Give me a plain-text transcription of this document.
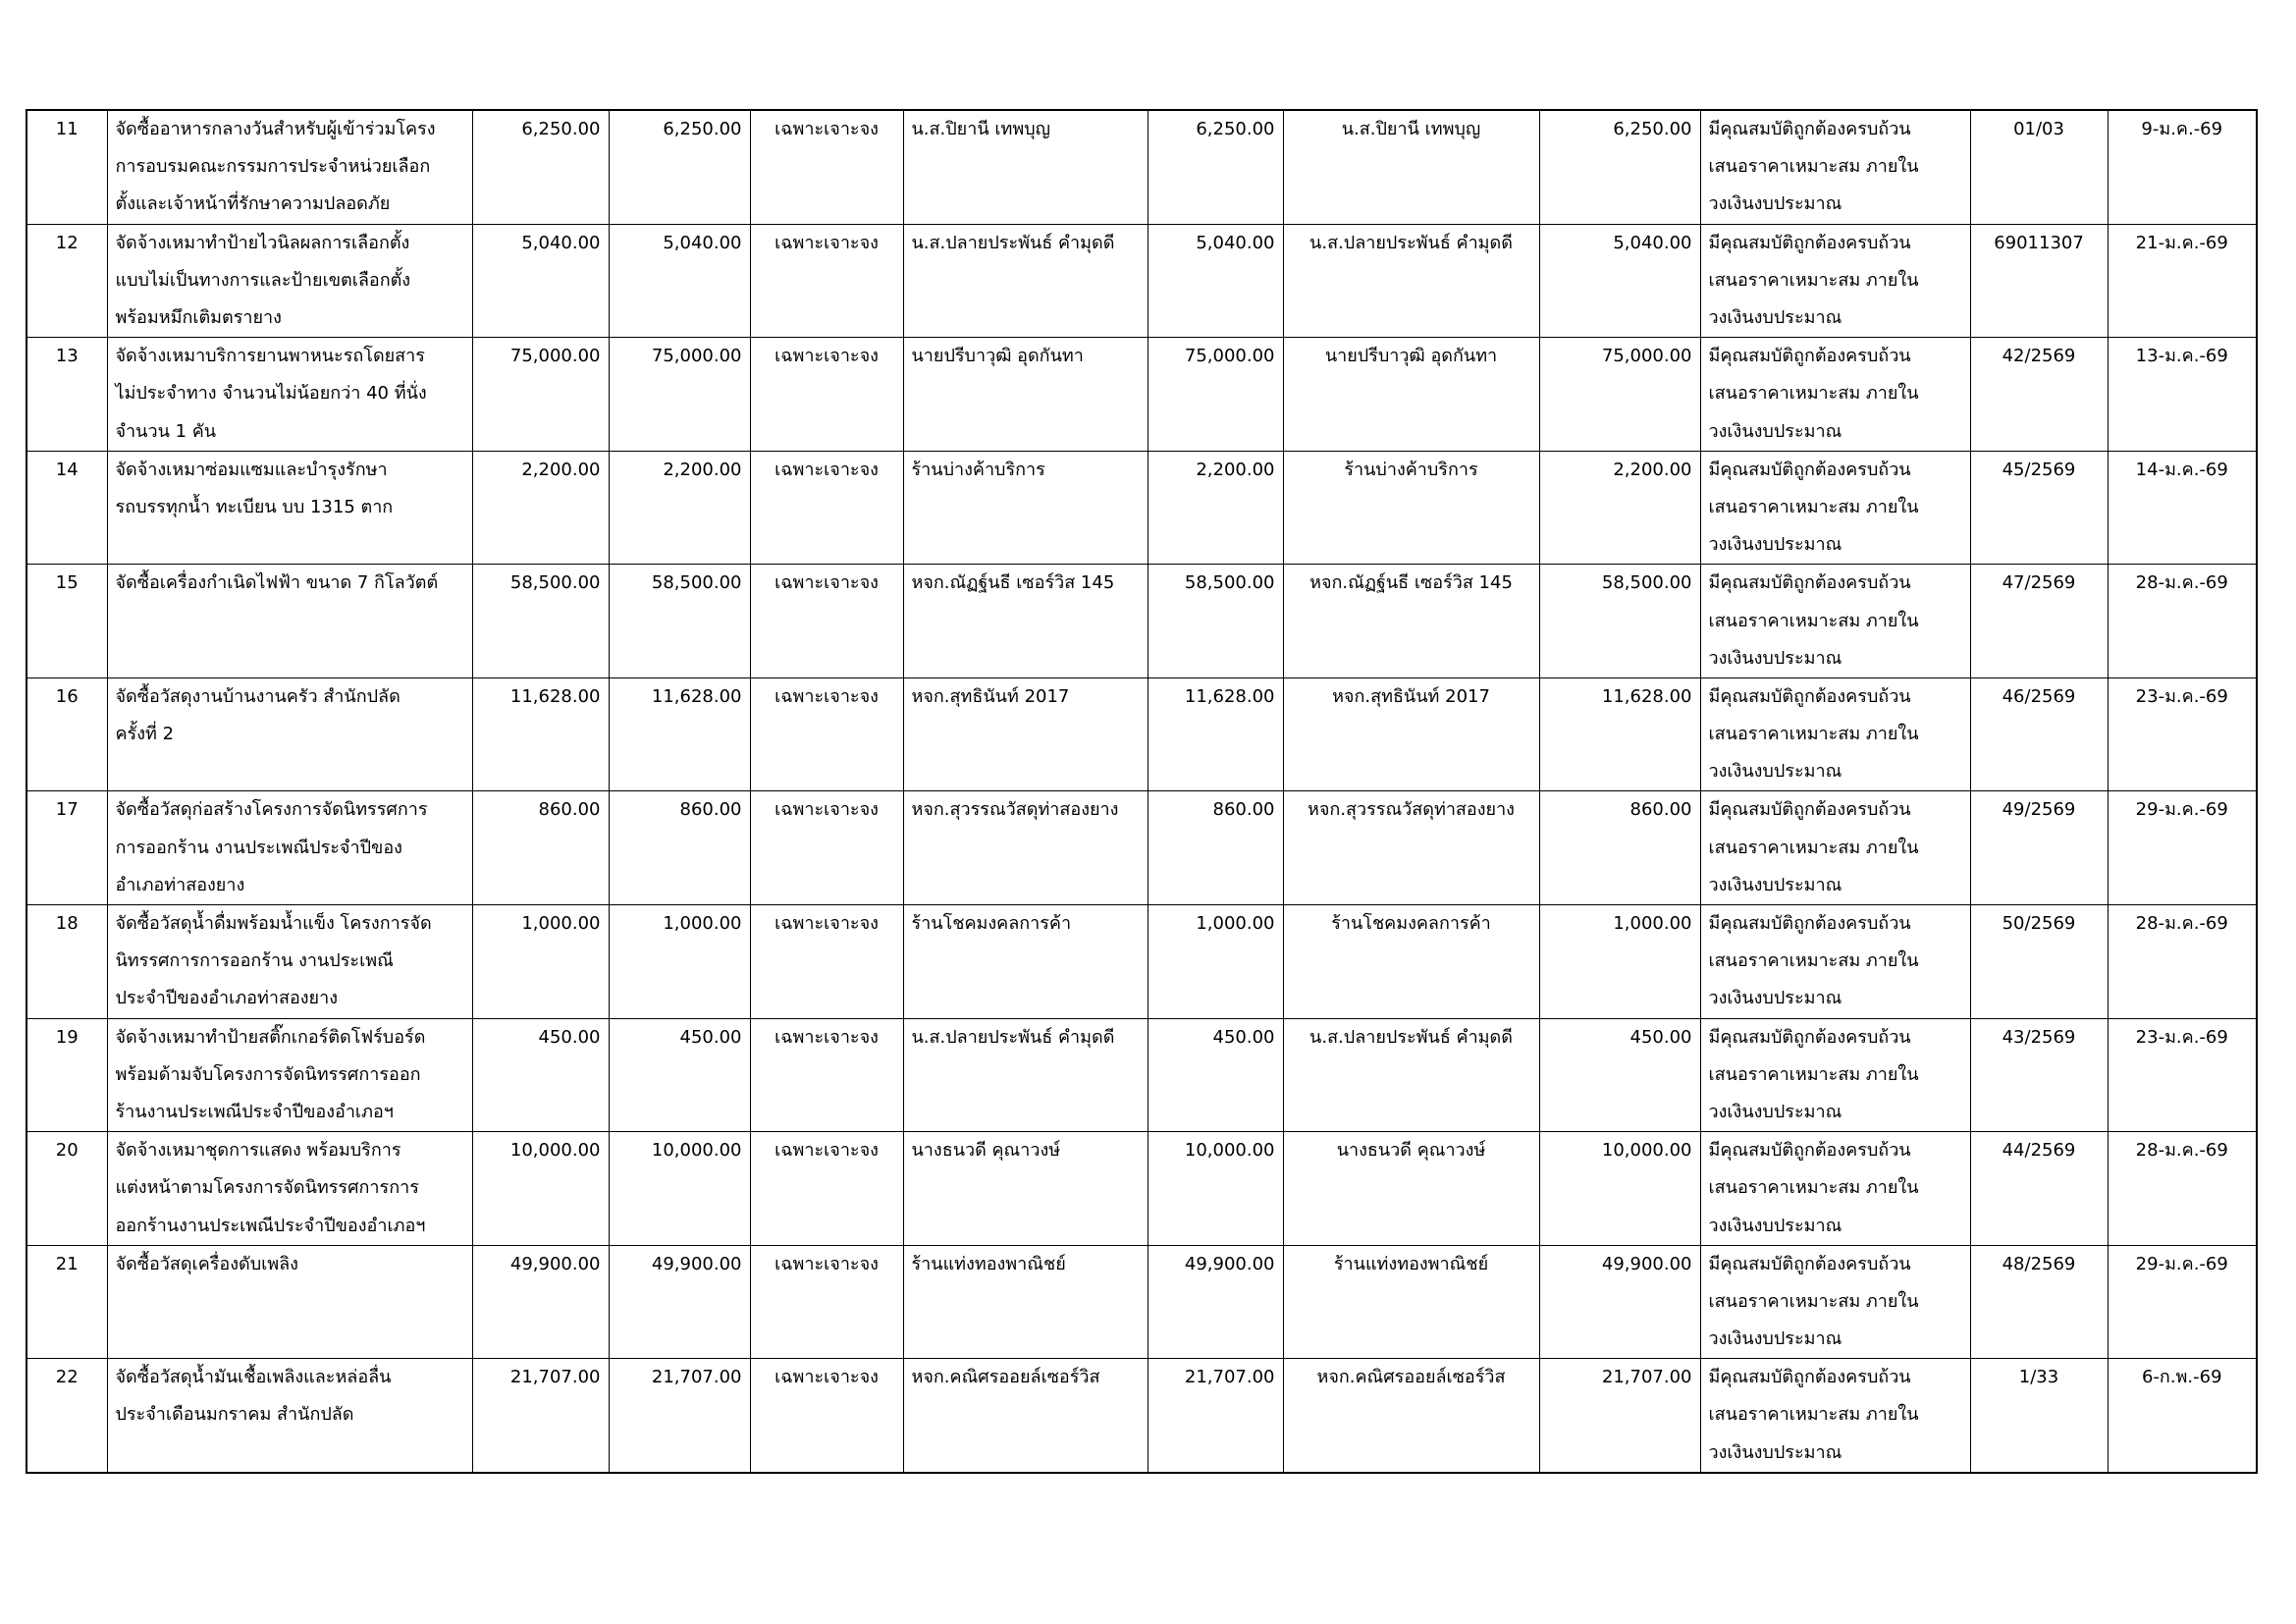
11	จัดซื้ออาหารกลางวันสำหรับผู้เข้าร่วมโครง	6,250.00	6,250.00	เฉพาะเจาะจง	น.ส.ปิยานี เทพบุญ	6,250.00	น.ส.ปิยานี เทพบุญ	6,250.00	มีคุณสมบัติถูกต้องครบถ้วน	01/03	9-ม.ค.-69
	การอบรมคณะกรรมการประจำหน่วยเลือก								เสนอราคาเหมาะสม ภายใน		
	ตั้งและเจ้าหน้าที่รักษาความปลอดภัย								วงเงินงบประมาณ		
12	จัดจ้างเหมาทำป้ายไวนิลผลการเลือกตั้ง	5,040.00	5,040.00	เฉพาะเจาะจง	น.ส.ปลายประพันธ์ คำมุดดี	5,040.00	น.ส.ปลายประพันธ์ คำมุดดี	5,040.00	มีคุณสมบัติถูกต้องครบถ้วน	69011307	21-ม.ค.-69
	แบบไม่เป็นทางการและป้ายเขตเลือกตั้ง								เสนอราคาเหมาะสม ภายใน		
	พร้อมหมึกเติมตรายาง								วงเงินงบประมาณ		
13	จัดจ้างเหมาบริการยานพาหนะรถโดยสาร	75,000.00	75,000.00	เฉพาะเจาะจง	นายปรีบาวุฒิ อุดกันทา	75,000.00	นายปรีบาวุฒิ อุดกันทา	75,000.00	มีคุณสมบัติถูกต้องครบถ้วน	42/2569	13-ม.ค.-69
	ไม่ประจำทาง จำนวนไม่น้อยกว่า 40 ที่นั่ง								เสนอราคาเหมาะสม ภายใน		
	จำนวน 1 คัน								วงเงินงบประมาณ		
14	จัดจ้างเหมาซ่อมแซมและบำรุงรักษา	2,200.00	2,200.00	เฉพาะเจาะจง	ร้านบ่างค้าบริการ	2,200.00	ร้านบ่างค้าบริการ	2,200.00	มีคุณสมบัติถูกต้องครบถ้วน	45/2569	14-ม.ค.-69
	รถบรรทุกน้ำ ทะเบียน บบ 1315 ตาก								เสนอราคาเหมาะสม ภายใน		
									วงเงินงบประมาณ		
15	จัดซื้อเครื่องกำเนิดไฟฟ้า ขนาด 7 กิโลวัตต์	58,500.00	58,500.00	เฉพาะเจาะจง	หจก.ณัฏฐ์นธี เซอร์วิส 145	58,500.00	หจก.ณัฏฐ์นธี เซอร์วิส 145	58,500.00	มีคุณสมบัติถูกต้องครบถ้วน	47/2569	28-ม.ค.-69
									เสนอราคาเหมาะสม ภายใน		
									วงเงินงบประมาณ		
16	จัดซื้อวัสดุงานบ้านงานครัว สำนักปลัด	11,628.00	11,628.00	เฉพาะเจาะจง	หจก.สุทธินันท์ 2017	11,628.00	หจก.สุทธินันท์ 2017	11,628.00	มีคุณสมบัติถูกต้องครบถ้วน	46/2569	23-ม.ค.-69
	ครั้งที่ 2								เสนอราคาเหมาะสม ภายใน		
									วงเงินงบประมาณ		
17	จัดซื้อวัสดุก่อสร้างโครงการจัดนิทรรศการ	860.00	860.00	เฉพาะเจาะจง	หจก.สุวรรณวัสดุท่าสองยาง	860.00	หจก.สุวรรณวัสดุท่าสองยาง	860.00	มีคุณสมบัติถูกต้องครบถ้วน	49/2569	29-ม.ค.-69
	การออกร้าน งานประเพณีประจำปีของ								เสนอราคาเหมาะสม ภายใน		
	อำเภอท่าสองยาง								วงเงินงบประมาณ		
18	จัดซื้อวัสดุน้ำดื่มพร้อมน้ำแข็ง โครงการจัด	1,000.00	1,000.00	เฉพาะเจาะจง	ร้านโชคมงคลการค้า	1,000.00	ร้านโชคมงคลการค้า	1,000.00	มีคุณสมบัติถูกต้องครบถ้วน	50/2569	28-ม.ค.-69
	นิทรรศการการออกร้าน งานประเพณี								เสนอราคาเหมาะสม ภายใน		
	ประจำปีของอำเภอท่าสองยาง								วงเงินงบประมาณ		
19	จัดจ้างเหมาทำป้ายสติ๊กเกอร์ติดโฟร์บอร์ด	450.00	450.00	เฉพาะเจาะจง	น.ส.ปลายประพันธ์ คำมุดดี	450.00	น.ส.ปลายประพันธ์ คำมุดดี	450.00	มีคุณสมบัติถูกต้องครบถ้วน	43/2569	23-ม.ค.-69
	พร้อมด้ามจับโครงการจัดนิทรรศการออก								เสนอราคาเหมาะสม ภายใน		
	ร้านงานประเพณีประจำปีของอำเภอฯ								วงเงินงบประมาณ		
20	จัดจ้างเหมาชุดการแสดง พร้อมบริการ	10,000.00	10,000.00	เฉพาะเจาะจง	นางธนวดี คุณาวงษ์	10,000.00	นางธนวดี คุณาวงษ์	10,000.00	มีคุณสมบัติถูกต้องครบถ้วน	44/2569	28-ม.ค.-69
	แต่งหน้าตามโครงการจัดนิทรรศการการ								เสนอราคาเหมาะสม ภายใน		
	ออกร้านงานประเพณีประจำปีของอำเภอฯ								วงเงินงบประมาณ		
21	จัดซื้อวัสดุเครื่องดับเพลิง	49,900.00	49,900.00	เฉพาะเจาะจง	ร้านแท่งทองพาณิชย์	49,900.00	ร้านแท่งทองพาณิชย์	49,900.00	มีคุณสมบัติถูกต้องครบถ้วน	48/2569	29-ม.ค.-69
									เสนอราคาเหมาะสม ภายใน		
									วงเงินงบประมาณ		
22	จัดซื้อวัสดุน้ำมันเชื้อเพลิงและหล่อลื่น	21,707.00	21,707.00	เฉพาะเจาะจง	หจก.คณิศรออยล์เซอร์วิส	21,707.00	หจก.คณิศรออยล์เซอร์วิส	21,707.00	มีคุณสมบัติถูกต้องครบถ้วน	1/33	6-ก.พ.-69
	ประจำเดือนมกราคม สำนักปลัด								เสนอราคาเหมาะสม ภายใน		
									วงเงินงบประมาณ		
